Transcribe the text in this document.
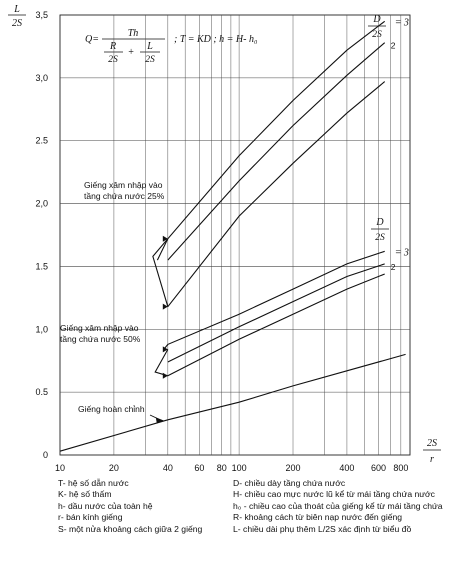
L
2S
2S
r
Q=
Th
R
2S
+
L
2S
; T = KD ; h = H- h₀
D
2S
D
2S
0
0.5
1,0
1.5
2,0
2.5
3,0
3,5
10	20	40 60 80 100	200	400 600 800
= 3
2
Giếng xâm nhập vào
tầng chứa nước 25%
= 3
2
Giếng xâm nhập vào
tầng chứa nước 50%
Giếng hoàn chỉnh
T- hệ số dẫn nước
K- hệ số thấm
h- dầu nước của toàn hệ
r- bán kính giếng
S- một nửa khoảng cách giữa 2 giếng
D- chiều dày tầng chứa nước
H- chiều cao mực nước lũ kể từ mái tầng chứa nước
h₀ - chiều cao của thoát của giếng kể từ mái tầng chứa
R- khoảng cách từ biên nạp nước đến giếng
L- chiều dài phụ thêm L/2S xác định từ biểu đồ
